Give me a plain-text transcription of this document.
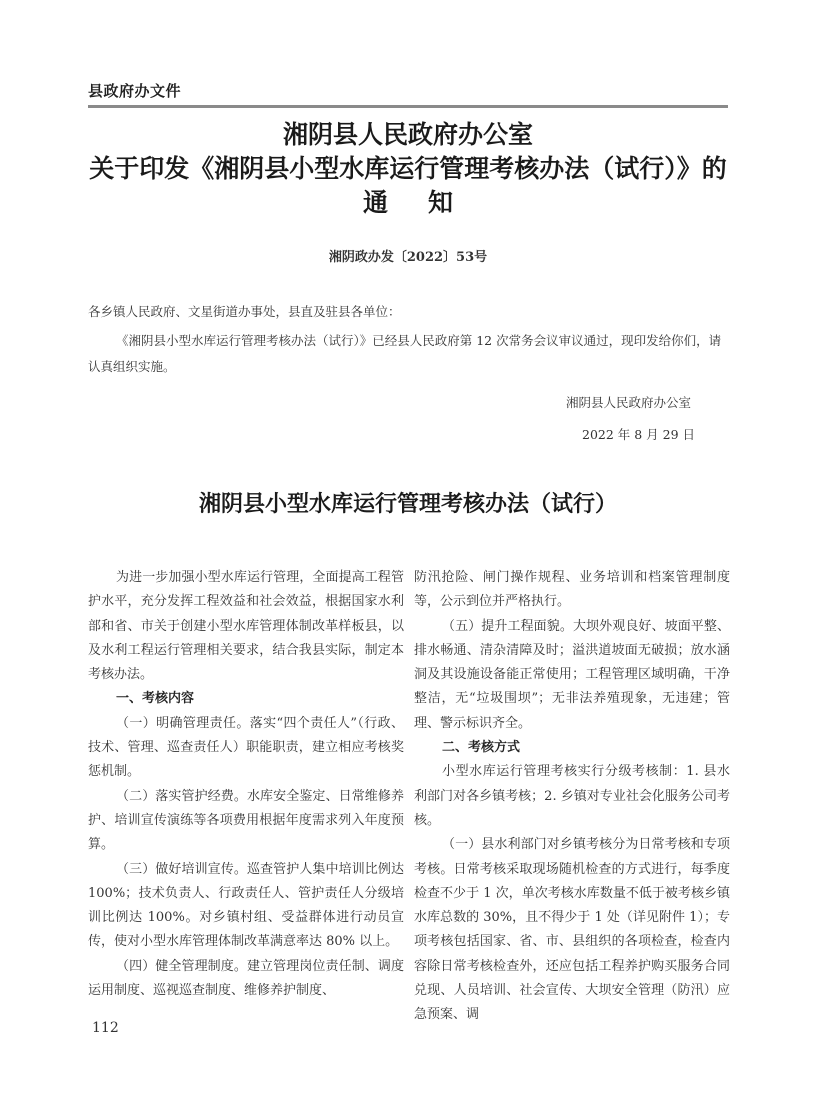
县政府办文件
湘阴县人民政府办公室
关于印发《湘阴县小型水库运行管理考核办法（试行）》的
通知
湘阴政办发〔2022〕53号
各乡镇人民政府、文星街道办事处，县直及驻县各单位：

《湘阴县小型水库运行管理考核办法（试行）》已经县人民政府第 12 次常务会议审议通过，现印发给你们，请认真组织实施。

湘阴县人民政府办公室
2022 年 8 月 29 日
湘阴县小型水库运行管理考核办法（试行）

为进一步加强小型水库运行管理，全面提高工程管护水平，充分发挥工程效益和社会效益，根据国家水利部和省、市关于创建小型水库管理体制改革样板县，以及水利工程运行管理相关要求，结合我县实际，制定本考核办法。

一、考核内容

（一）明确管理责任。落实“四个责任人”（行政、技术、管理、巡查责任人）职能职责，建立相应考核奖惩机制。

（二）落实管护经费。水库安全鉴定、日常维修养护、培训宣传演练等各项费用根据年度需求列入年度预算。

（三）做好培训宣传。巡查管护人集中培训比例达 100%；技术负责人、行政责任人、管护责任人分级培训比例达 100%。对乡镇村组、受益群体进行动员宣传，使对小型水库管理体制改革满意率达 80% 以上。

（四）健全管理制度。建立管理岗位责任制、调度运用制度、巡视巡查制度、维修养护制度、

防汛抢险、闸门操作规程、业务培训和档案管理制度等，公示到位并严格执行。

（五）提升工程面貌。大坝外观良好、坡面平整、排水畅通、清杂清障及时；溢洪道坡面无破损；放水涵洞及其设施设备能正常使用；工程管理区域明确，干净整洁，无“垃圾围坝”；无非法养殖现象，无违建；管理、警示标识齐全。

二、考核方式

小型水库运行管理考核实行分级考核制：1. 县水利部门对各乡镇考核；2. 乡镇对专业社会化服务公司考核。

（一）县水利部门对乡镇考核分为日常考核和专项考核。日常考核采取现场随机检查的方式进行，每季度检查不少于 1 次，单次考核水库数量不低于被考核乡镇水库总数的 30%，且不得少于 1 处（详见附件 1）；专项考核包括国家、省、市、县组织的各项检查，检查内容除日常考核检查外，还应包括工程养护购买服务合同兑现、人员培训、社会宣传、大坝安全管理（防汛）应急预案、调

112
